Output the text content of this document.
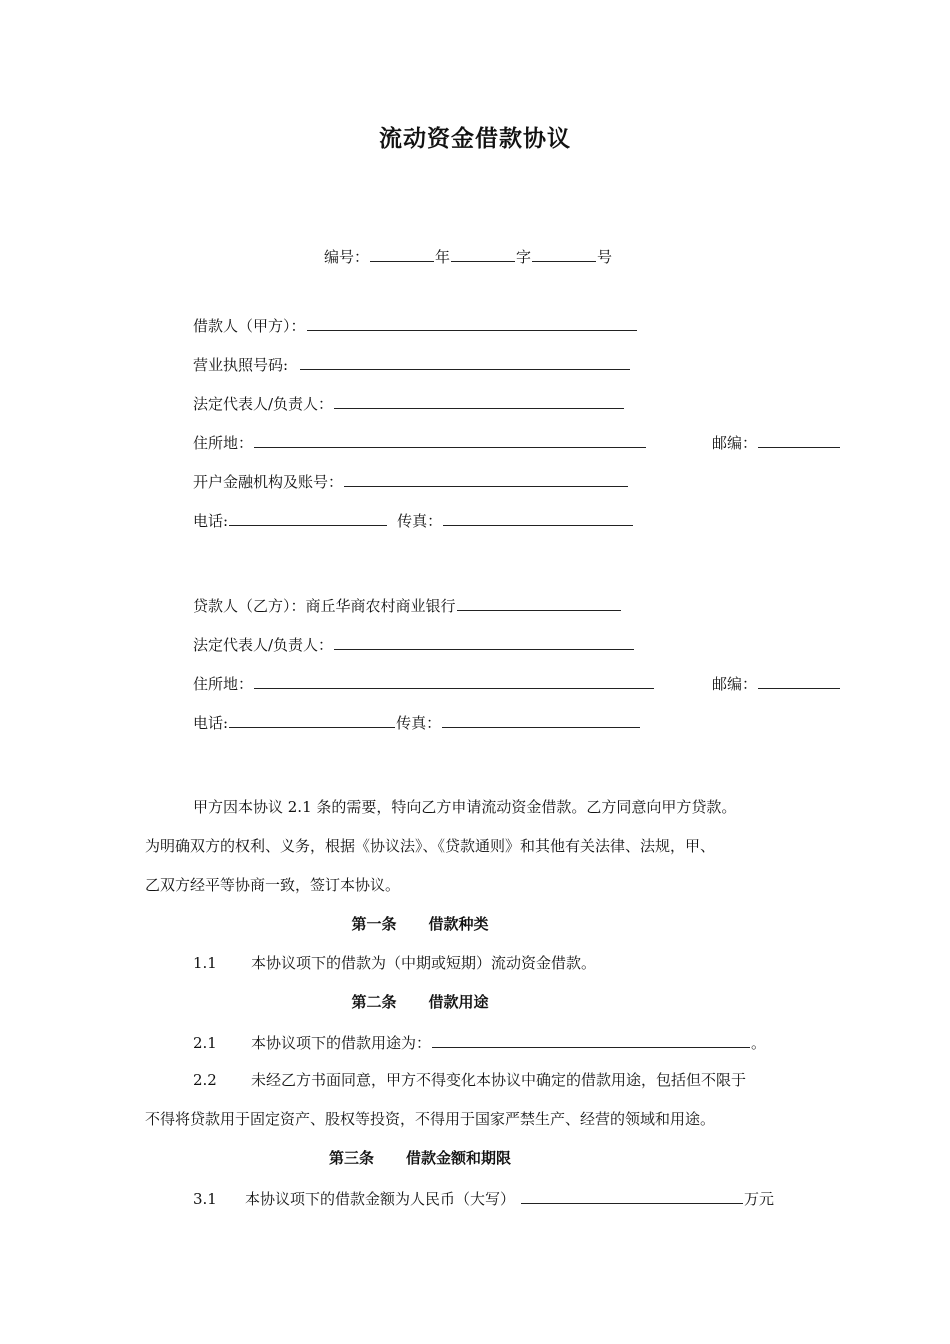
流动资金借款协议
编号：	年	字	号
借款人（甲方）：
营业执照号码:
法定代表人/负责人：
住所地：	邮编：
开户金融机构及账号：
电话:	传真：
贷款人（乙方）：商丘华商农村商业银行
法定代表人/负责人：
住所地：	邮编：
电话:	传真：
甲方因本协议 2.1 条的需要，特向乙方申请流动资金借款。乙方同意向甲方贷款。
为明确双方的权利、义务，根据《协议法》、《贷款通则》和其他有关法律、法规，甲、
乙双方经平等协商一致，签订本协议。
第一条 借款种类
1.1 本协议项下的借款为（中期或短期）流动资金借款。
第二条 借款用途
2.1 本协议项下的借款用途为：	。
2.2 未经乙方书面同意，甲方不得变化本协议中确定的借款用途，包括但不限于
不得将贷款用于固定资产、股权等投资，不得用于国家严禁生产、经营的领域和用途。
第三条 借款金额和期限
3.1 本协议项下的借款金额为人民币（大写）	万元
